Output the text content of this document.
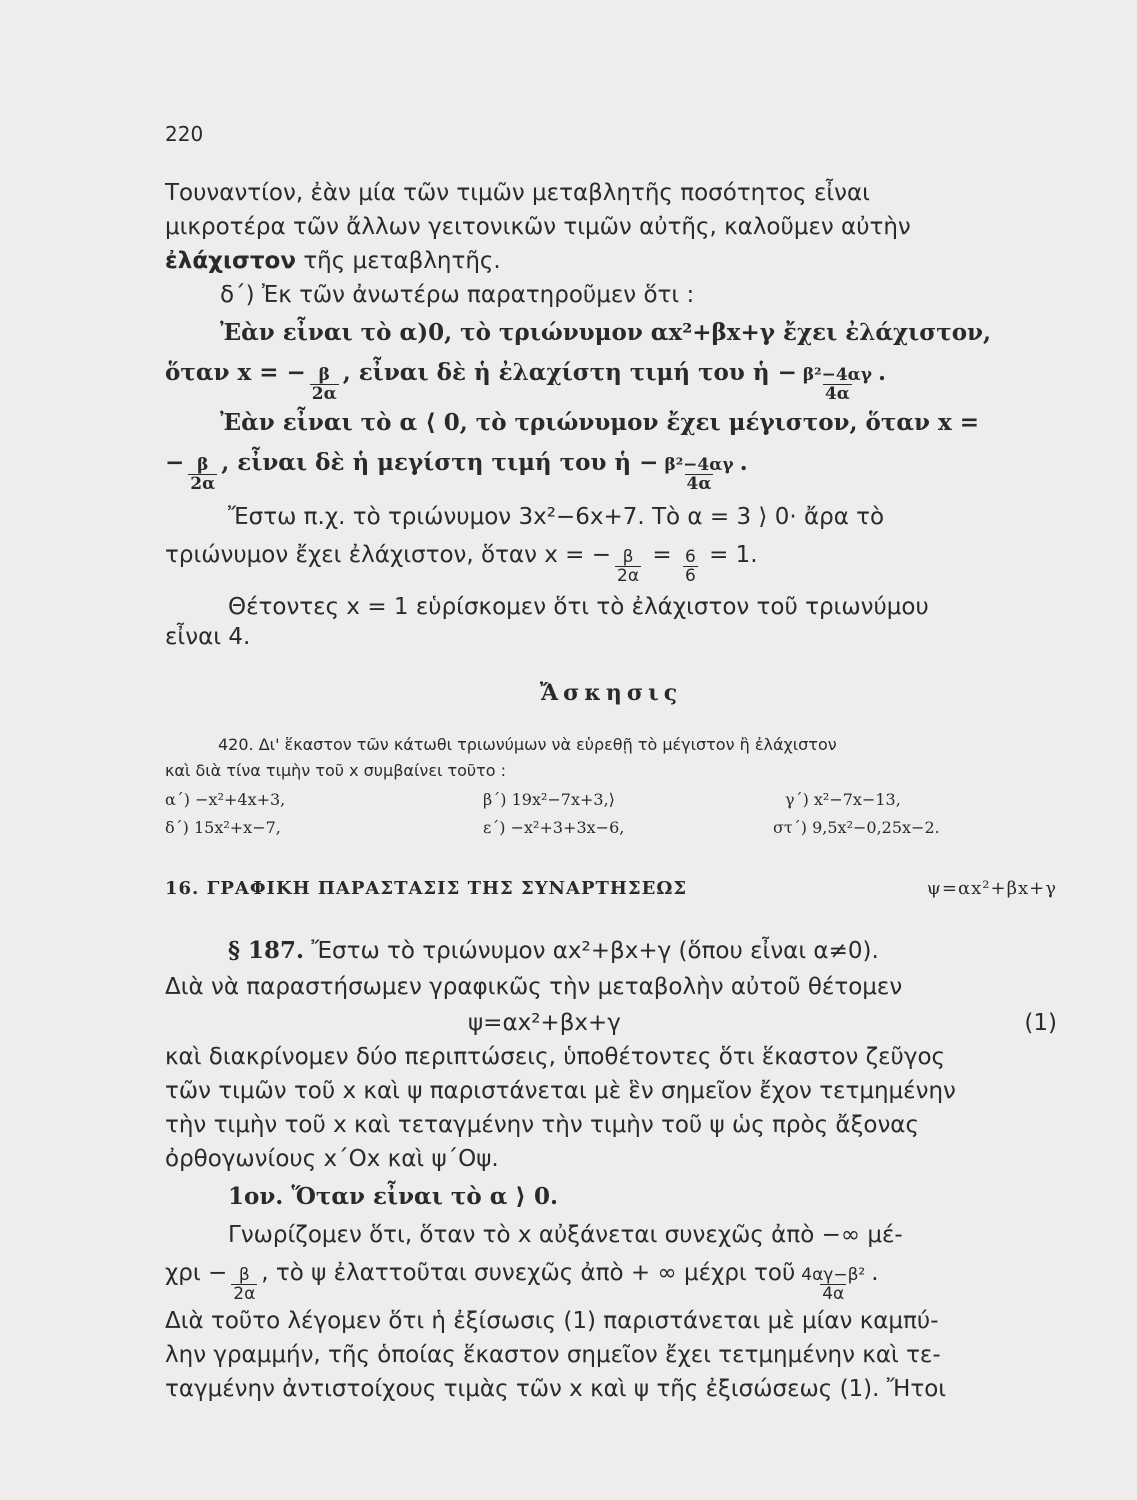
220
Τουναντίον, ἐὰν μία τῶν τιμῶν μεταβλητῆς ποσότητος εἶναι
μικροτέρα τῶν ἄλλων γειτονικῶν τιμῶν αὐτῆς, καλοῦμεν αὐτὴν
ἐλάχιστον τῆς μεταβλητῆς.
δ΄) Ἐκ τῶν ἀνωτέρω παρατηροῦμεν ὅτι :
Ἐὰν εἶναι τὸ α)0, τὸ τριώνυμον αx²+βx+γ ἔχει ἐλάχιστον,
ὅταν x = − $\frac{\beta}{2\alpha}$ , εἶναι δὲ ἡ ἐλαχίστη τιμή του ἡ − $\frac{\text{β²−4αγ}}{4\alpha}$ .
Ἐὰν εἶναι τὸ α ⟨ 0, τὸ τριώνυμον ἔχει μέγιστον, ὅταν x =
− $\frac{\beta}{2\alpha}$ , εἶναι δὲ ἡ μεγίστη τιμή του ἡ − $\frac{\text{β²−4αγ}}{4\alpha}$ .
Ἔστω π.χ. τὸ τριώνυμον 3x²−6x+7. Τὸ α = 3 ⟩ 0· ἄρα τὸ
τριώνυμον ἔχει ἐλάχιστον, ὅταν x = − $\frac{\beta}{2\alpha} = \frac{6}{6} = 1$.
Θέτοντες x = 1 εὑρίσκομεν ὅτι τὸ ἐλάχιστον τοῦ τριωνύμου
εἶναι 4.
Ἄσκησις
420. Δι' ἕκαστον τῶν κάτωθι τριωνύμων νὰ εὑρεθῇ τὸ μέγιστον ἢ ἐλάχιστον
καὶ διὰ τίνα τιμὴν τοῦ x συμβαίνει τοῦτο :
α΄) −x²+4x+3,	β΄) 19x²−7x+3,⟩	γ΄) x²−7x−13,
δ΄) 15x²+x−7,	ε΄) −x²+3+3x−6,	στ΄) 9,5x²−0,25x−2.
16. ΓΡΑΦΙΚΗ ΠΑΡΑΣΤΑΣΙΣ ΤΗΣ ΣΥΝΑΡΤΗΣΕΩΣ	ψ=αx²+βx+γ
§ 187. Ἔστω τὸ τριώνυμον αx²+βx+γ (ὅπου εἶναι α≠0).
Διὰ νὰ παραστήσωμεν γραφικῶς τὴν μεταβολὴν αὐτοῦ θέτομεν
ψ=αx²+βx+γ	(1)
καὶ διακρίνομεν δύο περιπτώσεις, ὑποθέτοντες ὅτι ἕκαστον ζεῦγος
τῶν τιμῶν τοῦ x καὶ ψ παριστάνεται μὲ ἓν σημεῖον ἔχον τετμημένην
τὴν τιμὴν τοῦ x καὶ τεταγμένην τὴν τιμὴν τοῦ ψ ὡς πρὸς ἄξονας
ὀρθογωνίους x΄Ox καὶ ψ΄Oψ.
1ον. Ὅταν εἶναι τὸ α ⟩ 0.
Γνωρίζομεν ὅτι, ὅταν τὸ x αὐξάνεται συνεχῶς ἀπὸ −∞ μέ-
$\chi\rho\iota - \frac{\beta}{2\alpha}$ , τὸ ψ ἐλαττοῦται συνεχῶς ἀπὸ + ∞ μέχρι τοῦ $\frac{\text{4αγ−β²}}{4\alpha}$ .
Διὰ τοῦτο λέγομεν ὅτι ἡ ἐξίσωσις (1) παριστάνεται μὲ μίαν καμπύ-
λην γραμμήν, τῆς ὁποίας ἕκαστον σημεῖον ἔχει τετμημένην καὶ τε-
ταγμένην ἀντιστοίχους τιμὰς τῶν x καὶ ψ τῆς ἐξισώσεως (1). Ἤτοι
